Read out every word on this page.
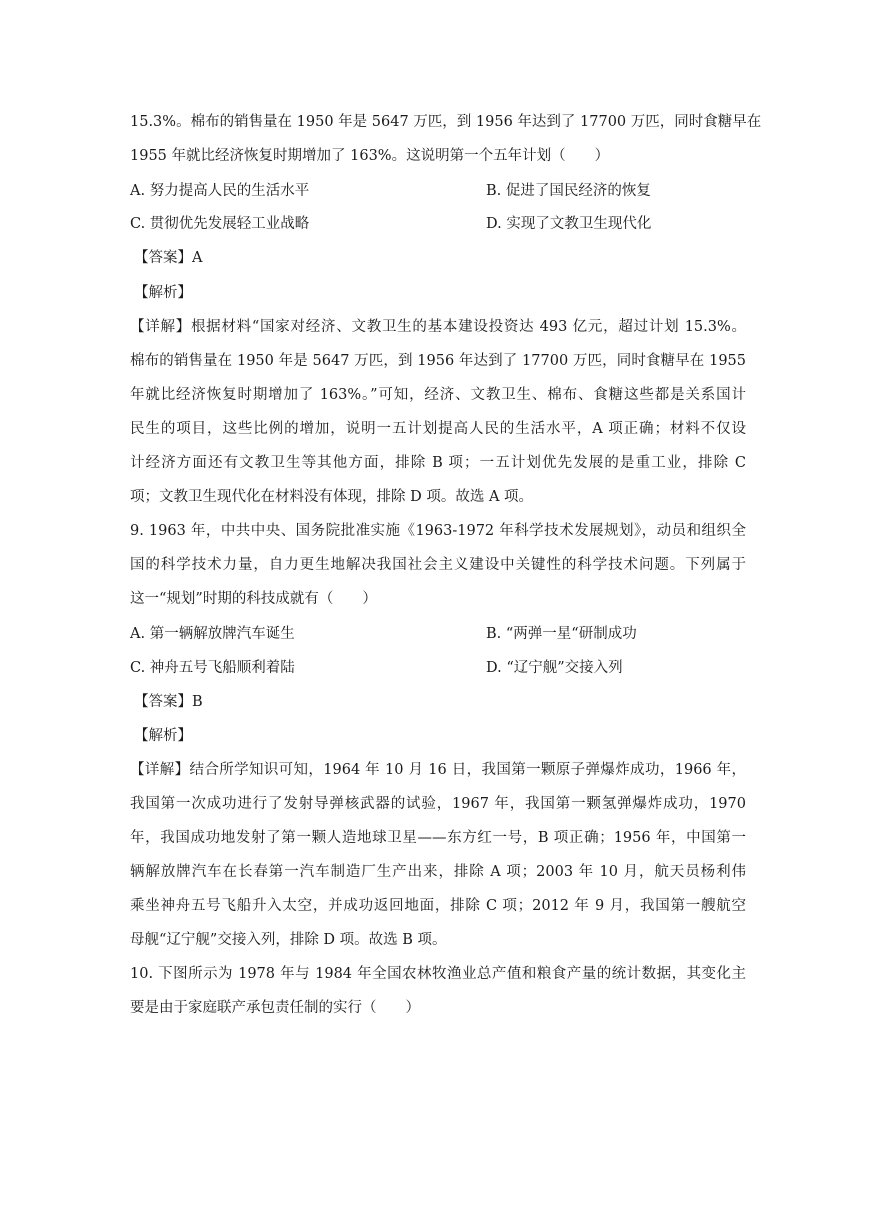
15.3%。棉布的销售量在 1950 年是 5647 万匹，到 1956 年达到了 17700 万匹，同时食糖早在
1955 年就比经济恢复时期增加了 163%。这说明第一个五年计划（　　）
A. 努力提高人民的生活水平	B. 促进了国民经济的恢复
C. 贯彻优先发展轻工业战略	D. 实现了文教卫生现代化
【答案】A
【解析】
【详解】根据材料“国家对经济、文教卫生的基本建设投资达 493 亿元，超过计划 15.3%。
棉布的销售量在 1950 年是 5647 万匹，到 1956 年达到了 17700 万匹，同时食糖早在 1955
年就比经济恢复时期增加了 163%。”可知，经济、文教卫生、棉布、食糖这些都是关系国计
民生的项目，这些比例的增加，说明一五计划提高人民的生活水平，A 项正确；材料不仅设
计经济方面还有文教卫生等其他方面，排除 B 项；一五计划优先发展的是重工业，排除 C
项；文教卫生现代化在材料没有体现，排除 D 项。故选 A 项。
9. 1963 年，中共中央、国务院批准实施《1963-1972 年科学技术发展规划》，动员和组织全
国的科学技术力量，自力更生地解决我国社会主义建设中关键性的科学技术问题。下列属于
这一“规划”时期的科技成就有（　　）
A. 第一辆解放牌汽车诞生	B. “两弹一星“研制成功
C. 神舟五号飞船顺利着陆	D. “辽宁舰”交接入列
【答案】B
【解析】
【详解】结合所学知识可知，1964 年 10 月 16 日，我国第一颗原子弹爆炸成功，1966 年，
我国第一次成功进行了发射导弹核武器的试验，1967 年，我国第一颗氢弹爆炸成功，1970
年，我国成功地发射了第一颗人造地球卫星——东方红一号，B 项正确；1956 年，中国第一
辆解放牌汽车在长春第一汽车制造厂生产出来，排除 A 项；2003 年 10 月，航天员杨利伟
乘坐神舟五号飞船升入太空，并成功返回地面，排除 C 项；2012 年 9 月，我国第一艘航空
母舰“辽宁舰”交接入列，排除 D 项。故选 B 项。
10. 下图所示为 1978 年与 1984 年全国农林牧渔业总产值和粮食产量的统计数据，其变化主
要是由于家庭联产承包责任制的实行（　　）
